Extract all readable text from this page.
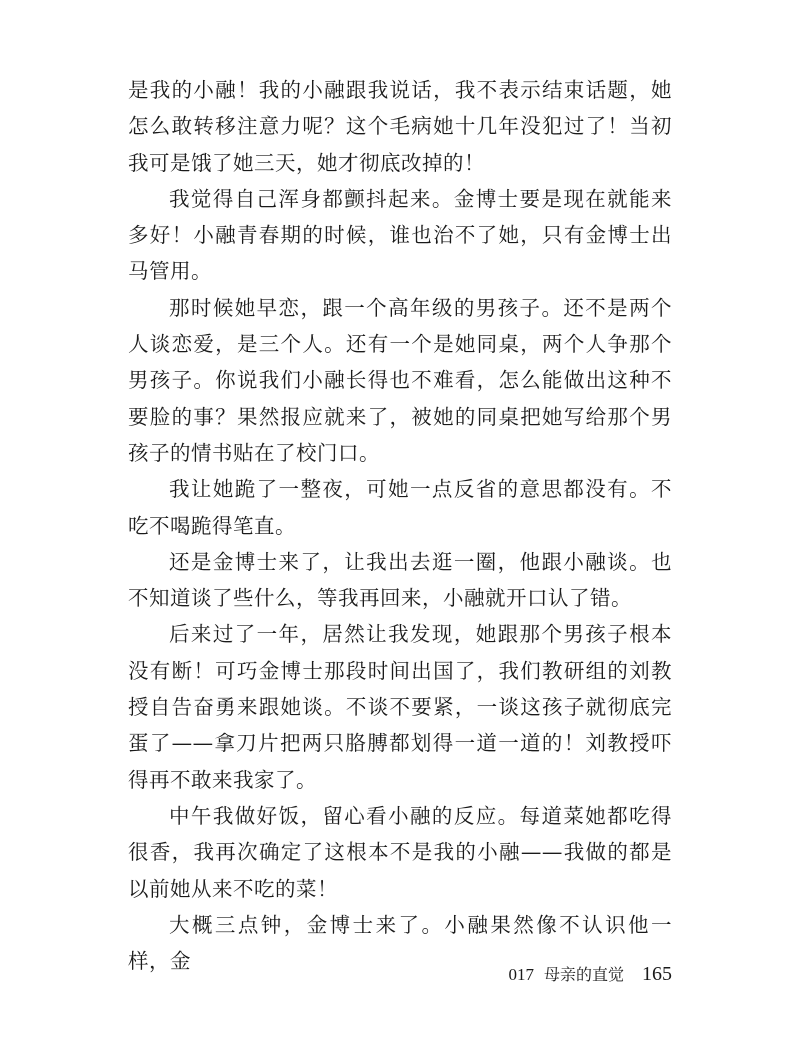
是我的小融！我的小融跟我说话，我不表示结束话题，她怎么敢转移注意力呢？这个毛病她十几年没犯过了！当初我可是饿了她三天，她才彻底改掉的！

我觉得自己浑身都颤抖起来。金博士要是现在就能来多好！小融青春期的时候，谁也治不了她，只有金博士出马管用。

那时候她早恋，跟一个高年级的男孩子。还不是两个人谈恋爱，是三个人。还有一个是她同桌，两个人争那个男孩子。你说我们小融长得也不难看，怎么能做出这种不要脸的事？果然报应就来了，被她的同桌把她写给那个男孩子的情书贴在了校门口。

我让她跪了一整夜，可她一点反省的意思都没有。不吃不喝跪得笔直。

还是金博士来了，让我出去逛一圈，他跟小融谈。也不知道谈了些什么，等我再回来，小融就开口认了错。

后来过了一年，居然让我发现，她跟那个男孩子根本没有断！可巧金博士那段时间出国了，我们教研组的刘教授自告奋勇来跟她谈。不谈不要紧，一谈这孩子就彻底完蛋了——拿刀片把两只胳膊都划得一道一道的！刘教授吓得再不敢来我家了。

中午我做好饭，留心看小融的反应。每道菜她都吃得很香，我再次确定了这根本不是我的小融——我做的都是以前她从来不吃的菜！

大概三点钟，金博士来了。小融果然像不认识他一样，金

017 母亲的直觉 165
